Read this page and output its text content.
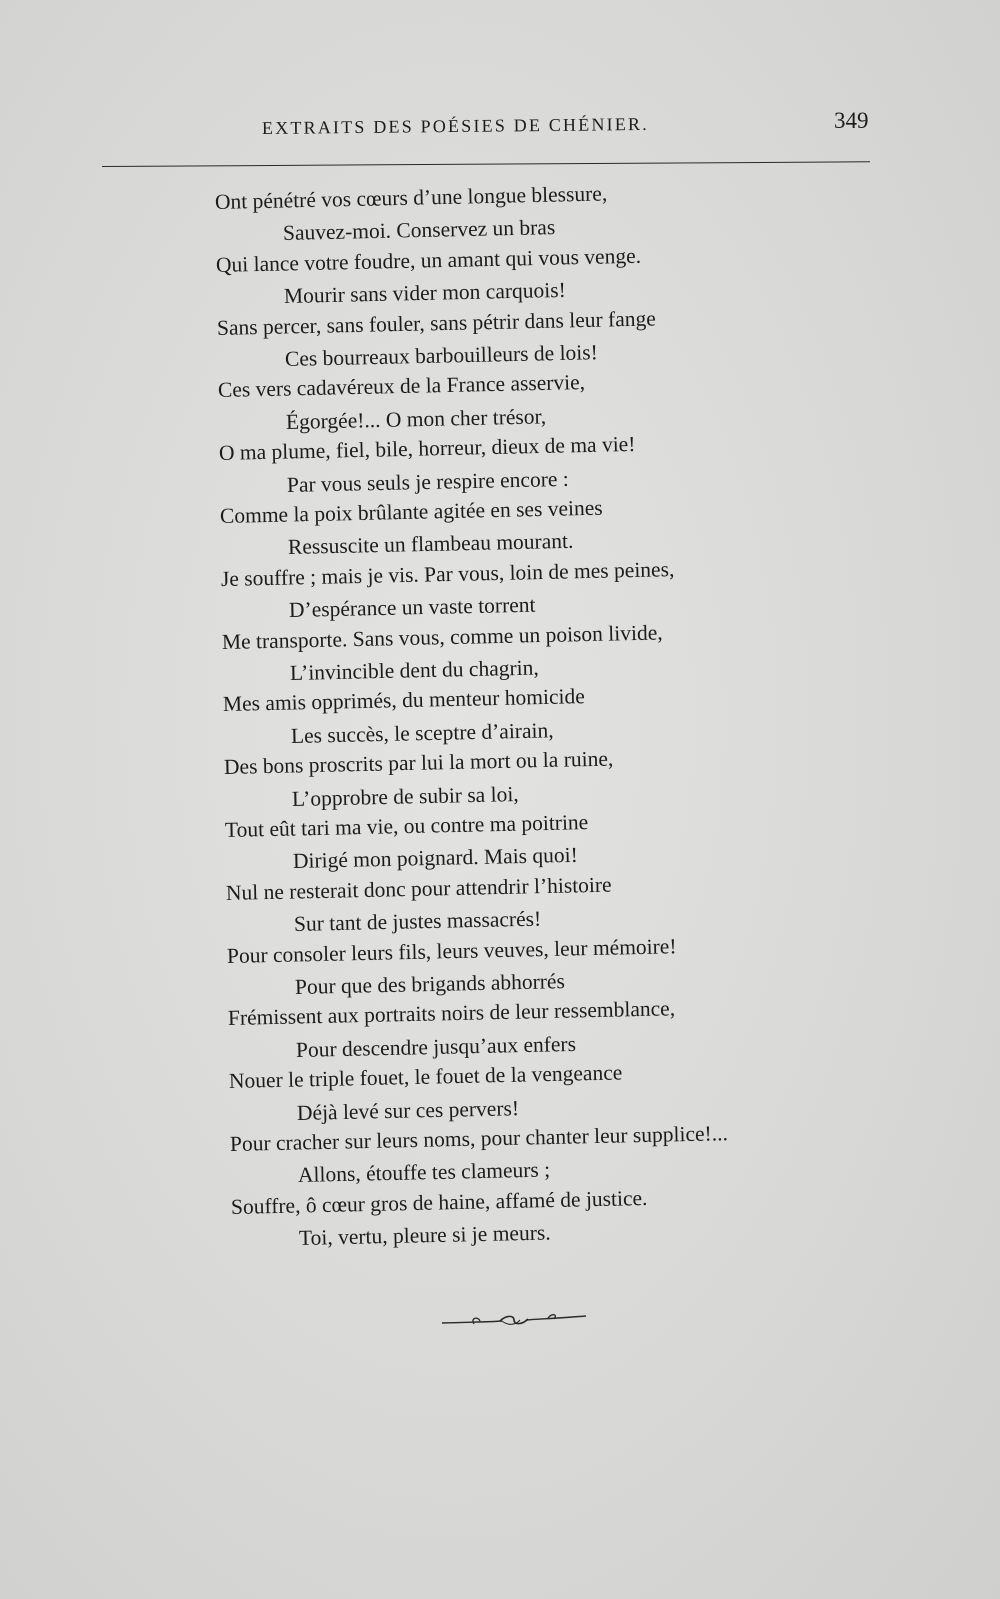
EXTRAITS DES POÉSIES DE CHÉNIER.	349
Ont pénétré vos cœurs d’une longue blessure,
Sauvez-moi. Conservez un bras
Qui lance votre foudre, un amant qui vous venge.
Mourir sans vider mon carquois!
Sans percer, sans fouler, sans pétrir dans leur fange
Ces bourreaux barbouilleurs de lois!
Ces vers cadavéreux de la France asservie,
Égorgée!... O mon cher trésor,
O ma plume, fiel, bile, horreur, dieux de ma vie!
Par vous seuls je respire encore :
Comme la poix brûlante agitée en ses veines
Ressuscite un flambeau mourant.
Je souffre ; mais je vis. Par vous, loin de mes peines,
D’espérance un vaste torrent
Me transporte. Sans vous, comme un poison livide,
L’invincible dent du chagrin,
Mes amis opprimés, du menteur homicide
Les succès, le sceptre d’airain,
Des bons proscrits par lui la mort ou la ruine,
L’opprobre de subir sa loi,
Tout eût tari ma vie, ou contre ma poitrine
Dirigé mon poignard. Mais quoi!
Nul ne resterait donc pour attendrir l’histoire
Sur tant de justes massacrés!
Pour consoler leurs fils, leurs veuves, leur mémoire!
Pour que des brigands abhorrés
Frémissent aux portraits noirs de leur ressemblance,
Pour descendre jusqu’aux enfers
Nouer le triple fouet, le fouet de la vengeance
Déjà levé sur ces pervers!
Pour cracher sur leurs noms, pour chanter leur supplice!...
Allons, étouffe tes clameurs ;
Souffre, ô cœur gros de haine, affamé de justice.
Toi, vertu, pleure si je meurs.
